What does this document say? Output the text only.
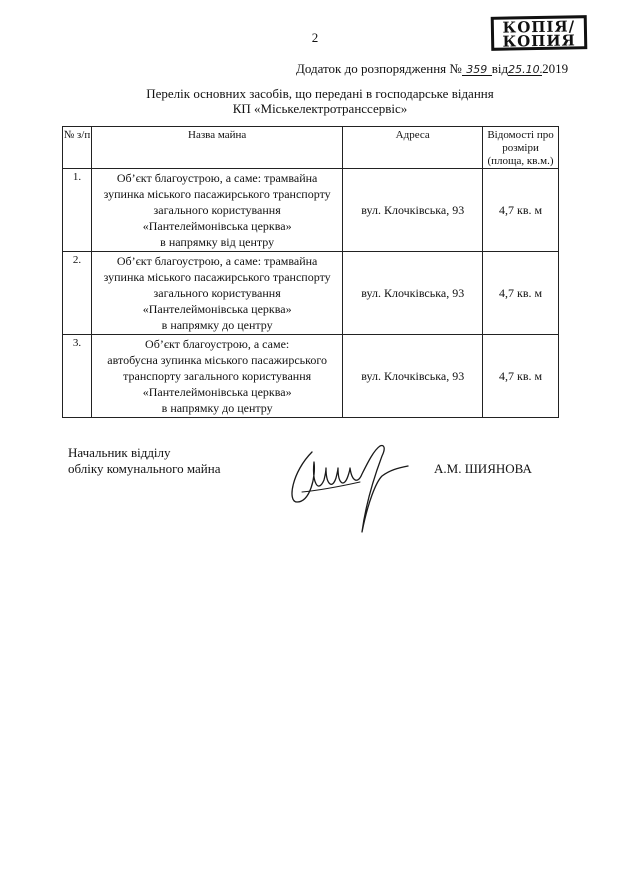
2
КОПІЯ/
КОПИЯ
Додаток до розпорядження № 359 від25.10.2019
Перелік основних засобів, що передані в господарське відання
КП «Міськелектротранссервіс»
№ з/п	Назва майна	Адреса	Відомості про розміри (площа, кв.м.)
1.	Об’єкт благоустрою, а саме: трамвайна
зупинка міського пасажирського транспорту
загального користування
«Пантелеймонівська церква»
в напрямку від центру	вул. Клочківська, 93	4,7 кв. м
2.	Об’єкт благоустрою, а саме: трамвайна
зупинка міського пасажирського транспорту
загального користування
«Пантелеймонівська церква»
в напрямку до центру	вул. Клочківська, 93	4,7 кв. м
3.	Об’єкт благоустрою, а саме:
автобусна зупинка міського пасажирського
транспорту загального користування
«Пантелеймонівська церква»
в напрямку до центру	вул. Клочківська, 93	4,7 кв. м
Начальник відділу
обліку комунального майна	А.М. ШИЯНОВА
